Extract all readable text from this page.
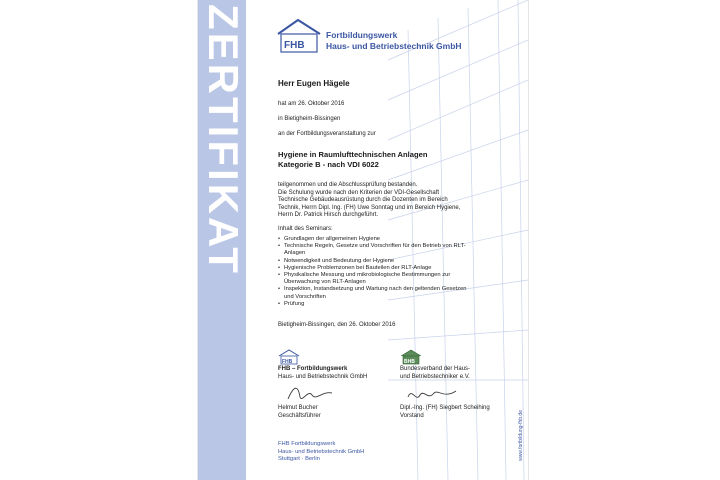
ZERTIFIKAT	FHB
Fortbildungswerk
Haus- und Betriebstechnik GmbH
Herr Eugen Hägele
hat am 26. Oktober 2016
in Bietigheim-Bissingen
an der Fortbildungsveranstaltung zur
Hygiene in Raumlufttechnischen Anlagen
Kategorie B - nach VDI 6022
teilgenommen und die Abschlussprüfung bestanden.
Die Schulung wurde nach den Kriterien der VDI-Gesellschaft
Technische Gebäudeausrüstung durch die Dozenten im Bereich
Technik, Herrn Dipl. Ing. (FH) Uwe Sonntag und im Bereich Hygiene,
Herrn Dr. Patrick Hirsch durchgeführt.
Inhalt des Seminars:
• Grundlagen der allgemeinen Hygiene
• Technische Regeln, Gesetze und Vorschriften für den Betrieb von RLT-Anlagen
• Notwendigkeit und Bedeutung der Hygiene
• Hygienische Problemzonen bei Bauteilen der RLT-Anlage
• Physikalische Messung und mikrobiologische Bestimmungen zur Überwachung von RLT-Anlagen
• Inspektion, Instandsetzung und Wartung nach den geltenden Gesetzen und Vorschriften
• Prüfung
Bietigheim-Bissingen, den 26. Oktober 2016
FHB
FHB – Fortbildungswerk
Haus- und Betriebstechnik GmbH
BHB
Bundesverband der Haus-
und Betriebstechniker e.V.
Helmut Bucher
Geschäftsführer
Dipl.-Ing. (FH) Siegbert Scheihing
Vorstand
FHB Fortbildungswerk
Haus- und Betriebstechnik GmbH
Stuttgart · Berlin	www.fortbildung-fhb.de
